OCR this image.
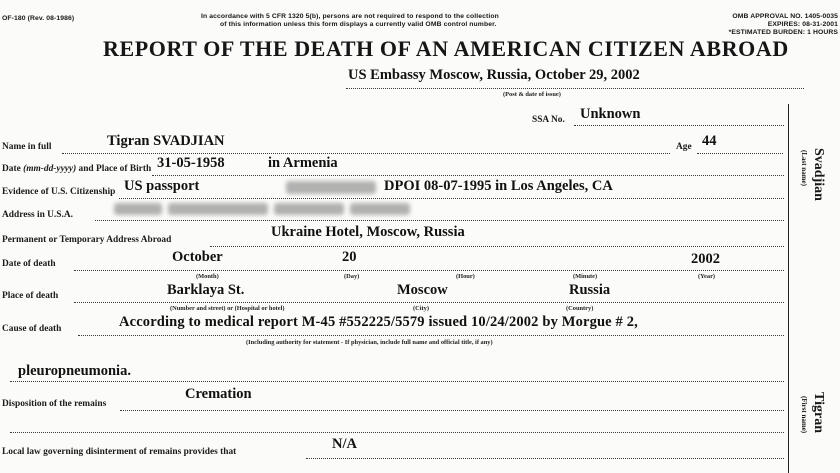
OF-180 (Rev. 08-1986)	In accordance with 5 CFR 1320 5(b), persons are not required to respond to the collection
of this information unless this form displays a currently valid OMB control number.
OMB APPROVAL NO. 1405-0035
EXPIRES: 08-31-2001
*ESTIMATED BURDEN: 1 HOURS
REPORT OF THE DEATH OF AN AMERICAN CITIZEN ABROAD
US Embassy Moscow, Russia, October 29, 2002
(Post & date of issue)
SSA No. Unknown
Name in full	Tigran SVADJIAN	Age 44
Date (mm-dd-yyyy) and Place of Birth 31-05-1958	in Armenia
Evidence of U.S. Citizenship US passport	DPOI 08-07-1995 in Los Angeles, CA
Address in U.S.A.
Permanent or Temporary Address Abroad	Ukraine Hotel, Moscow, Russia
Date of death	October	20	2002
(Month)	(Day)	(Hour)	(Minute)	(Year)
Place of death	Barklaya St.	Moscow	Russia
(Number and street) or (Hospital or hotel)	(City)	(Country)
Cause of death	According to medical report M-45 #552225/5579 issued 10/24/2002 by Morgue # 2,
(Including authority for statement - If physician, include full name and official title, if any)
pleuropneumonia.
Disposition of the remains
Cremation
Local law governing disinterment of remains provides that	N/A
Svadjian
(Last name)
Tigran
(First name)
